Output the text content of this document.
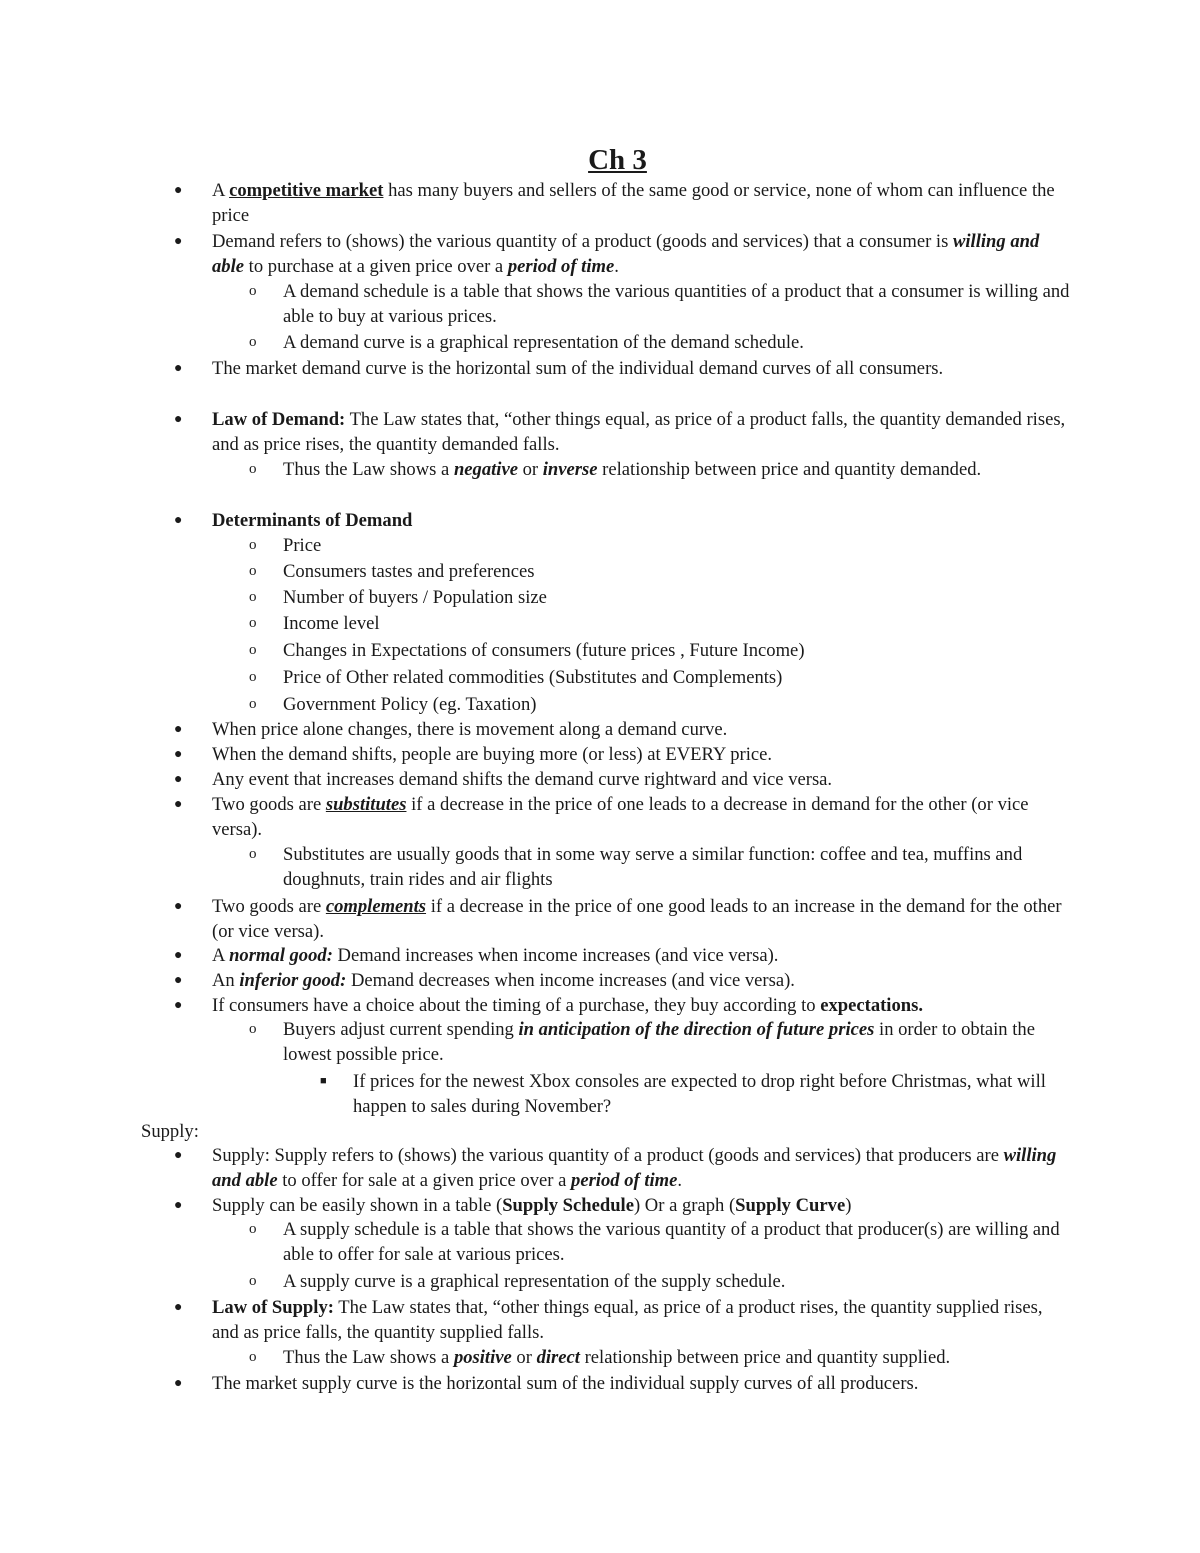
Ch 3
● A competitive market has many buyers and sellers of the same good or service, none of whom can influence the price
● Demand refers to (shows) the various quantity of a product (goods and services) that a consumer is willing and able to purchase at a given price over a period of time.
o A demand schedule is a table that shows the various quantities of a product that a consumer is willing and able to buy at various prices.
o A demand curve is a graphical representation of the demand schedule.
● The market demand curve is the horizontal sum of the individual demand curves of all consumers.
● Law of Demand: The Law states that, “other things equal, as price of a product falls, the quantity demanded rises, and as price rises, the quantity demanded falls.
o Thus the Law shows a negative or inverse relationship between price and quantity demanded.
● Determinants of Demand
o Price
o Consumers tastes and preferences
o Number of buyers / Population size
o Income level
o Changes in Expectations of consumers (future prices , Future Income)
o Price of Other related commodities (Substitutes and Complements)
o Government Policy (eg. Taxation)
● When price alone changes, there is movement along a demand curve.
● When the demand shifts, people are buying more (or less) at EVERY price.
● Any event that increases demand shifts the demand curve rightward and vice versa.
● Two goods are substitutes if a decrease in the price of one leads to a decrease in demand for the other (or vice versa).
o Substitutes are usually goods that in some way serve a similar function: coffee and tea, muffins and doughnuts, train rides and air flights
● Two goods are complements if a decrease in the price of one good leads to an increase in the demand for the other (or vice versa).
● A normal good: Demand increases when income increases (and vice versa).
● An inferior good: Demand decreases when income increases (and vice versa).
● If consumers have a choice about the timing of a purchase, they buy according to expectations.
o Buyers adjust current spending in anticipation of the direction of future prices in order to obtain the lowest possible price.
■ If prices for the newest Xbox consoles are expected to drop right before Christmas, what will happen to sales during November?
Supply:
● Supply: Supply refers to (shows) the various quantity of a product (goods and services) that producers are willing and able to offer for sale at a given price over a period of time.
● Supply can be easily shown in a table (Supply Schedule) Or a graph (Supply Curve)
o A supply schedule is a table that shows the various quantity of a product that producer(s) are willing and able to offer for sale at various prices.
o A supply curve is a graphical representation of the supply schedule.
● Law of Supply: The Law states that, “other things equal, as price of a product rises, the quantity supplied rises, and as price falls, the quantity supplied falls.
o Thus the Law shows a positive or direct relationship between price and quantity supplied.
● The market supply curve is the horizontal sum of the individual supply curves of all producers.
